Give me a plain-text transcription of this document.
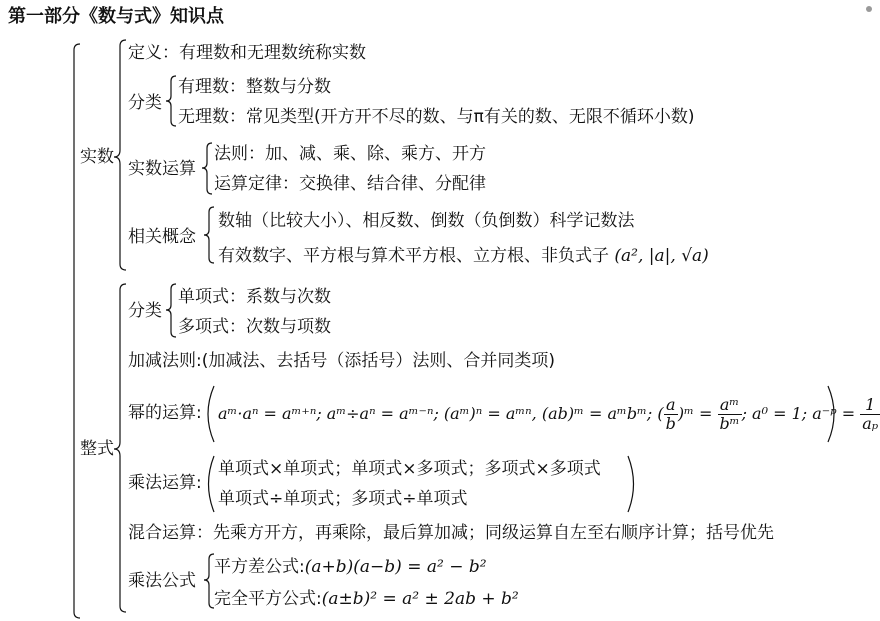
第一部分《数与式》知识点
实数
定义：有理数和无理数统称实数
分类
有理数：整数与分数
无理数：常见类型(开方开不尽的数、与π有关的数、无限不循环小数)
实数运算
法则：加、减、乘、除、乘方、开方
运算定律：交换律、结合律、分配律
相关概念
数轴（比较大小）、相反数、倒数（负倒数）科学记数法
有效数字、平方根与算术平方根、立方根、非负式子 (a², |a|, √a)
整式
分类
单项式：系数与次数
多项式：次数与项数
加减法则:(加减法、去括号（添括号）法则、合并同类项)
幂的运算: aᵐ·aⁿ = aᵐ⁺ⁿ; aᵐ÷aⁿ = aᵐ⁻ⁿ; (aᵐ)ⁿ = aᵐⁿ, (ab)ᵐ = aᵐbᵐ; ( $\frac{a}{b}$ )ᵐ = $\frac{\text{aᵐ}}{\text{bᵐ}}$ ; a⁰ = 1; a⁻ᵖ = $\frac{1}{\text{aₚ}}$
乘法运算:
单项式×单项式；单项式×多项式；多项式×多项式
单项式÷单项式；多项式÷单项式
混合运算：先乘方开方，再乘除，最后算加减；同级运算自左至右顺序计算；括号优先
乘法公式
平方差公式:(a+b)(a−b) = a² − b²
完全平方公式:(a±b)² = a² ± 2ab + b²
